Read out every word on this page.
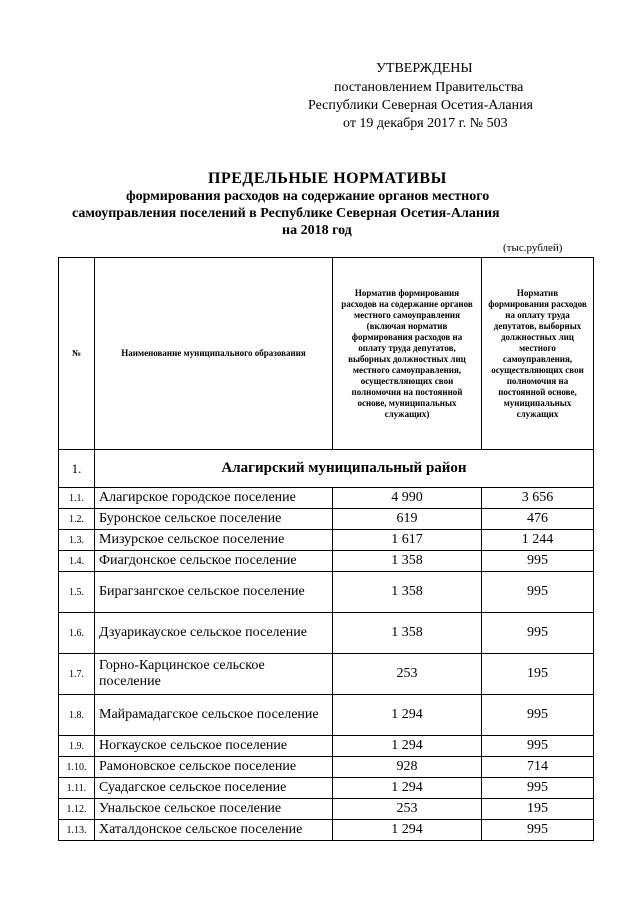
УТВЕРЖДЕНЫ
постановлением Правительства
Республики Северная Осетия-Алания
от 19 декабря 2017 г. № 503
ПРЕДЕЛЬНЫЕ НОРМАТИВЫ
формирования расходов на содержание органов местного
самоуправления поселений в Республике Северная Осетия-Алания
на 2018 год
(тыс.рублей)
№	Наименование муниципального образования	Норматив формирования расходов на содержание органов местного самоуправления (включая норматив формирования расходов на оплату труда депутатов, выборных должностных лиц местного самоуправления, осуществляющих свои полномочия на постоянной основе, муниципальных служащих)	Норматив формирования расходов на оплату труда депутатов, выборных должностных лиц местного самоуправления, осуществляющих свои полномочия на постоянной основе, муниципальных служащих
1.	Алагирский муниципальный район		
1.1.	Алагирское городское поселение	4 990	3 656
1.2.	Буронское сельское поселение	619	476
1.3.	Мизурское сельское поселение	1 617	1 244
1.4.	Фиагдонское сельское поселение	1 358	995
1.5.	Бирагзангское сельское поселение	1 358	995
1.6.	Дзуарикауское сельское поселение	1 358	995
1.7.	Горно-Карцинское сельское поселение	253	195
1.8.	Майрамадагское сельское поселение	1 294	995
1.9.	Ногкауское сельское поселение	1 294	995
1.10.	Рамоновское сельское поселение	928	714
1.11.	Суадагское сельское поселение	1 294	995
1.12.	Унальское сельское поселение	253	195
1.13.	Хаталдонское сельское поселение	1 294	995
